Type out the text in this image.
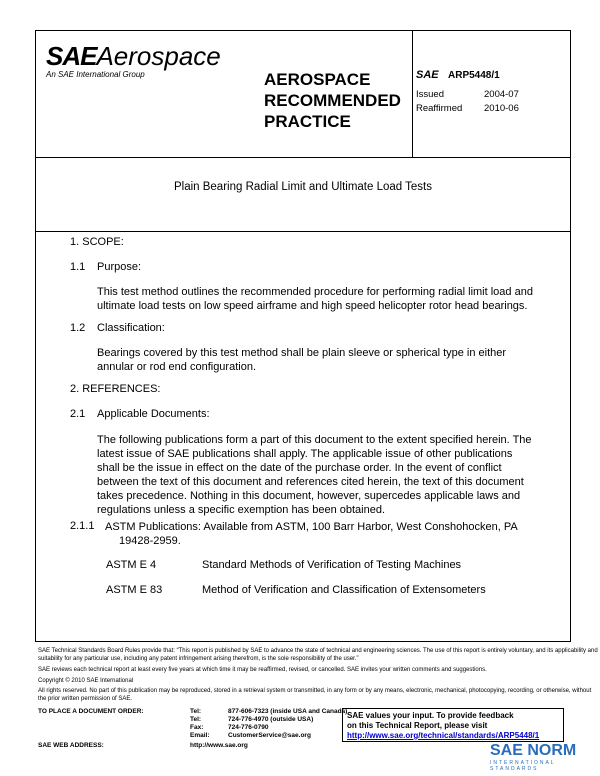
SAEAerospace
An SAE International Group	AEROSPACE
RECOMMENDED
PRACTICE
SAE ARP5448/1
Issued	2004-07
Reaffirmed 2010-06
Plain Bearing Radial Limit and Ultimate Load Tests
1. SCOPE:
1.1 Purpose:
This test method outlines the recommended procedure for performing radial limit load and
ultimate load tests on low speed airframe and high speed helicopter rotor head bearings.
1.2 Classification:
Bearings covered by this test method shall be plain sleeve or spherical type in either
annular or rod end configuration.
2. REFERENCES:
2.1 Applicable Documents:
The following publications form a part of this document to the extent specified herein. The
latest issue of SAE publications shall apply. The applicable issue of other publications
shall be the issue in effect on the date of the purchase order. In the event of conflict
between the text of this document and references cited herein, the text of this document
takes precedence. Nothing in this document, however, supercedes applicable laws and
regulations unless a specific exemption has been obtained.
2.1.1 ASTM Publications: Available from ASTM, 100 Barr Harbor, West Conshohocken, PA
19428-2959.
ASTM E 4	Standard Methods of Verification of Testing Machines
ASTM E 83	Method of Verification and Classification of Extensometers
SAE Technical Standards Board Rules provide that: “This report is published by SAE to advance the state of technical and engineering sciences. The use of this report is entirely voluntary, and its applicability and suitability for any particular use, including any patent infringement arising therefrom, is the sole responsibility of the user.”
SAE reviews each technical report at least every five years at which time it may be reaffirmed, revised, or cancelled. SAE invites your written comments and suggestions.
Copyright © 2010 SAE International
All rights reserved. No part of this publication may be reproduced, stored in a retrieval system or transmitted, in any form or by any means, electronic, mechanical, photocopying, recording, or otherwise, without the prior written permission of SAE.
TO PLACE A DOCUMENT ORDER:	Tel:	877-606-7323 (inside USA and Canada)
Tel:	724-776-4970 (outside USA)
Fax:	724-776-0790
Email:	CustomerService@sae.org
SAE WEB ADDRESS:	http://www.sae.org
SAE values your input. To provide feedback
on this Technical Report, please visit
http://www.sae.org/technical/standards/ARP5448/1
SAE NORM
INTERNATIONAL STANDARDS
